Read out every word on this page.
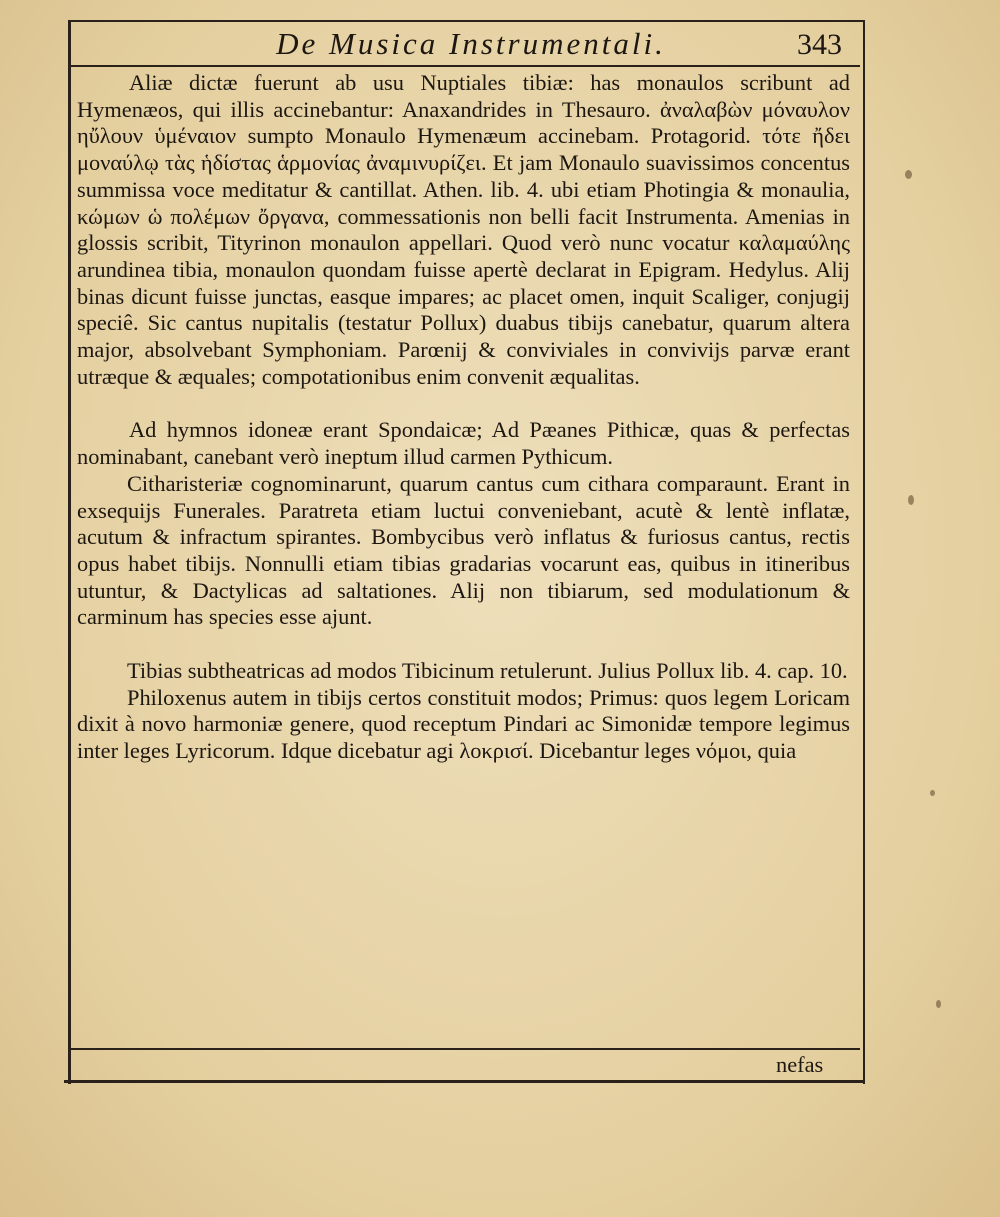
De Musica Instrumentali.	343

Aliæ dictæ fuerunt ab usu Nuptiales tibiæ: has monaulos scribunt ad Hymenæos, qui illis accinebantur: Anaxandrides in Thesauro. ἀναλαβὼν μόναυλον ηὔλουν ὑμέναιον sumpto Monaulo Hymenæum accinebam. Protagorid. τότε ἤδει μοναύλῳ τὰς ἡδίστας ἁρμονίας ἀναμινυρίζει. Et jam Monaulo suavissimos concentus summissa voce meditatur & cantillat. Athen. lib. 4. ubi etiam Photingia & monaulia, κώμων ὡ πολέμων ὄργανα, commessationis non belli facit Instrumenta. Amenias in glossis scribit, Tityrinon monaulon appellari. Quod verò nunc vocatur καλαμαύλης arundinea tibia, monaulon quondam fuisse apertè declarat in Epigram. Hedylus. Alij binas dicunt fuisse junctas, easque impares; ac placet omen, inquit Scaliger, conjugij speciê. Sic cantus nupitalis (testatur Pollux) duabus tibijs canebatur, quarum altera major, absolvebant Symphoniam. Parœnij & conviviales in convivijs parvæ erant utræque & æquales; compotationibus enim convenit æqualitas.

Ad hymnos idoneæ erant Spondaicæ; Ad Pæanes Pithicæ, quas & perfectas nominabant, canebant verò ineptum illud carmen Pythicum.

Citharisteriæ cognominarunt, quarum cantus cum cithara comparaunt. Erant in exsequijs Funerales. Paratreta etiam luctui conveniebant, acutè & lentè inflatæ, acutum & infractum spirantes. Bombycibus verò inflatus & furiosus cantus, rectis opus habet tibijs. Nonnulli etiam tibias gradarias vocarunt eas, quibus in itineribus utuntur, & Dactylicas ad saltationes. Alij non tibiarum, sed modulationum & carminum has species esse ajunt.

Tibias subtheatricas ad modos Tibicinum retulerunt. Julius Pollux lib. 4. cap. 10.

Philoxenus autem in tibijs certos constituit modos; Primus: quos legem Loricam dixit à novo harmoniæ genere, quod receptum Pindari ac Simonidæ tempore legimus inter leges Lyricorum. Idque dicebatur agi λοκρισί. Dicebantur leges νόμοι, quia

nefas
